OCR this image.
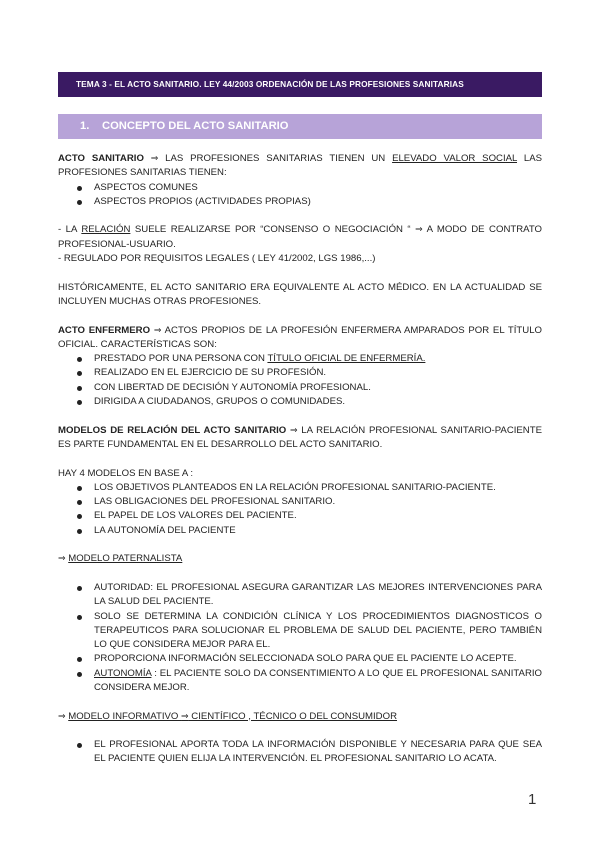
TEMA 3 - EL ACTO SANITARIO. LEY 44/2003 ORDENACIÓN DE LAS PROFESIONES SANITARIAS
1. CONCEPTO DEL ACTO SANITARIO

ACTO SANITARIO ⇒ LAS PROFESIONES SANITARIAS TIENEN UN ELEVADO VALOR SOCIAL LAS PROFESIONES SANITARIAS TIENEN:

ASPECTOS COMUNES
ASPECTOS PROPIOS (ACTIVIDADES PROPIAS)

- LA RELACIÓN SUELE REALIZARSE POR “CONSENSO O NEGOCIACIÓN “ ⇒ A MODO DE CONTRATO PROFESIONAL-USUARIO.

- REGULADO POR REQUISITOS LEGALES ( LEY 41/2002, LGS 1986,...)

HISTÓRICAMENTE, EL ACTO SANITARIO ERA EQUIVALENTE AL ACTO MÉDICO. EN LA ACTUALIDAD SE INCLUYEN MUCHAS OTRAS PROFESIONES.

ACTO ENFERMERO ⇒ ACTOS PROPIOS DE LA PROFESIÓN ENFERMERA AMPARADOS POR EL TÍTULO OFICIAL. CARACTERÍSTICAS SON:

PRESTADO POR UNA PERSONA CON TÍTULO OFICIAL DE ENFERMERÍA.
REALIZADO EN EL EJERCICIO DE SU PROFESIÓN.
CON LIBERTAD DE DECISIÓN Y AUTONOMÍA PROFESIONAL.
DIRIGIDA A CIUDADANOS, GRUPOS O COMUNIDADES.

MODELOS DE RELACIÓN DEL ACTO SANITARIO ⇒ LA RELACIÓN PROFESIONAL SANITARIO-PACIENTE ES PARTE FUNDAMENTAL EN EL DESARROLLO DEL ACTO SANITARIO.

HAY 4 MODELOS EN BASE A :

LOS OBJETIVOS PLANTEADOS EN LA RELACIÓN PROFESIONAL SANITARIO-PACIENTE.
LAS OBLIGACIONES DEL PROFESIONAL SANITARIO.
EL PAPEL DE LOS VALORES DEL PACIENTE.
LA AUTONOMÍA DEL PACIENTE

⇒ MODELO PATERNALISTA

AUTORIDAD: EL PROFESIONAL ASEGURA GARANTIZAR LAS MEJORES INTERVENCIONES PARA LA SALUD DEL PACIENTE.
SOLO SE DETERMINA LA CONDICIÓN CLÍNICA Y LOS PROCEDIMIENTOS DIAGNOSTICOS O TERAPEUTICOS PARA SOLUCIONAR EL PROBLEMA DE SALUD DEL PACIENTE, PERO TAMBIÉN LO QUE CONSIDERA MEJOR PARA EL.
PROPORCIONA INFORMACIÓN SELECCIONADA SOLO PARA QUE EL PACIENTE LO ACEPTE.
AUTONOMÍA : EL PACIENTE SOLO DA CONSENTIMIENTO A LO QUE EL PROFESIONAL SANITARIO CONSIDERA MEJOR.

⇒ MODELO INFORMATIVO ⇒ CIENTÍFICO , TÉCNICO O DEL CONSUMIDOR

EL PROFESIONAL APORTA TODA LA INFORMACIÓN DISPONIBLE Y NECESARIA PARA QUE SEA EL PACIENTE QUIEN ELIJA LA INTERVENCIÓN. EL PROFESIONAL SANITARIO LO ACATA.
1
